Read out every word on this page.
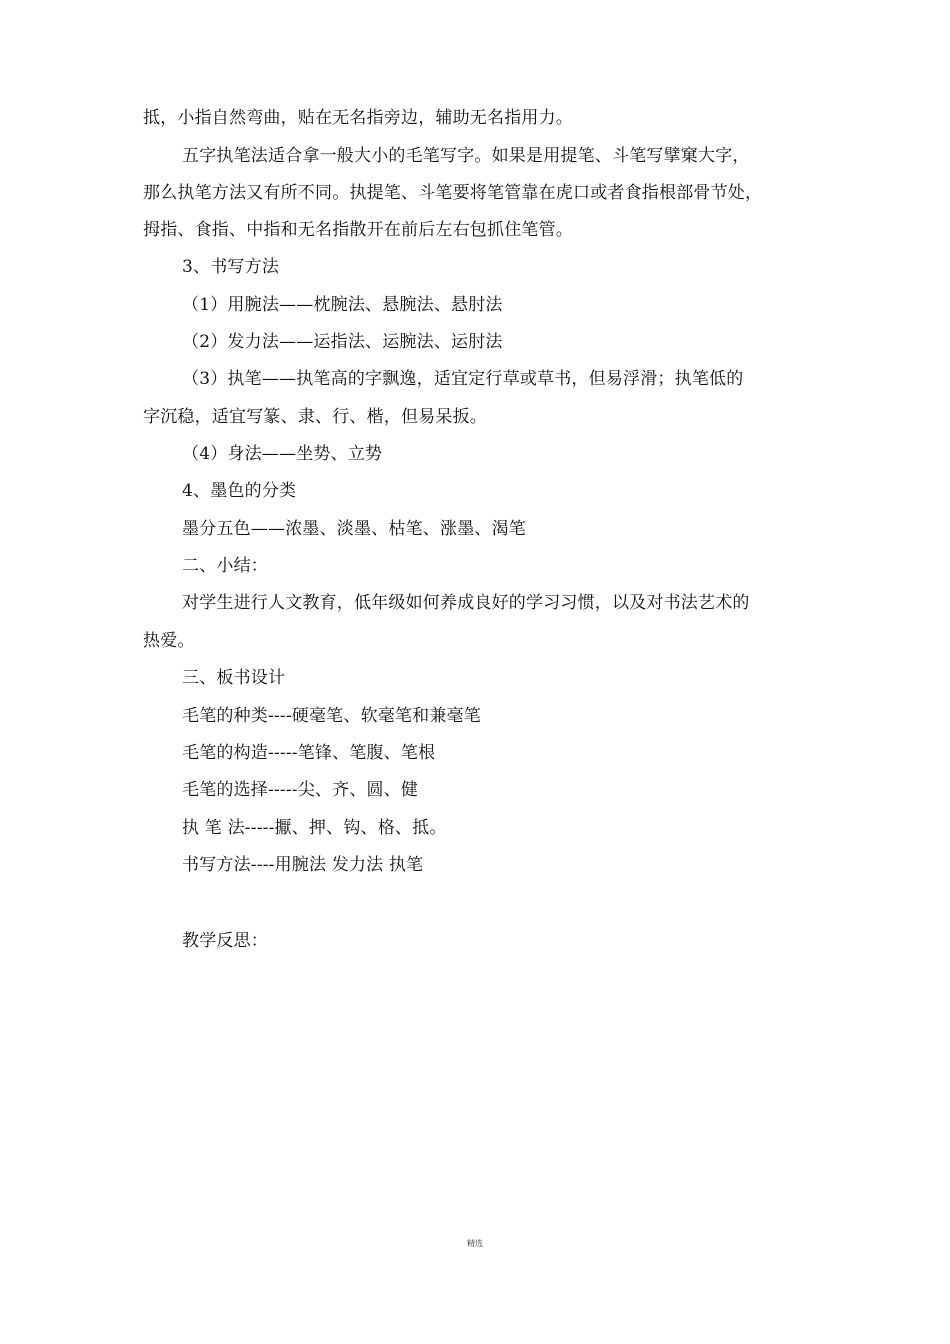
抵，小指自然弯曲，贴在无名指旁边，辅助无名指用力。
五字执笔法适合拿一般大小的毛笔写字。如果是用提笔、斗笔写擘窠大字，
那么执笔方法又有所不同。执提笔、斗笔要将笔管靠在虎口或者食指根部骨节处，
拇指、食指、中指和无名指散开在前后左右包抓住笔管。
3、书写方法
（1）用腕法——枕腕法、悬腕法、悬肘法
（2）发力法——运指法、运腕法、运肘法
（3）执笔——执笔高的字飘逸，适宜定行草或草书，但易浮滑；执笔低的
字沉稳，适宜写篆、隶、行、楷，但易呆扳。
（4）身法——坐势、立势
4、墨色的分类
墨分五色——浓墨、淡墨、枯笔、涨墨、渴笔
二、小结：
对学生进行人文教育，低年级如何养成良好的学习习惯，以及对书法艺术的
热爱。
三、板书设计
毛笔的种类----硬毫笔、软毫笔和兼毫笔
毛笔的构造-----笔锋、笔腹、笔根
毛笔的选择-----尖、齐、圆、健
执 笔 法-----擫、押、钩、格、抵。
书写方法----用腕法 发力法 执笔
教学反思：
精选
